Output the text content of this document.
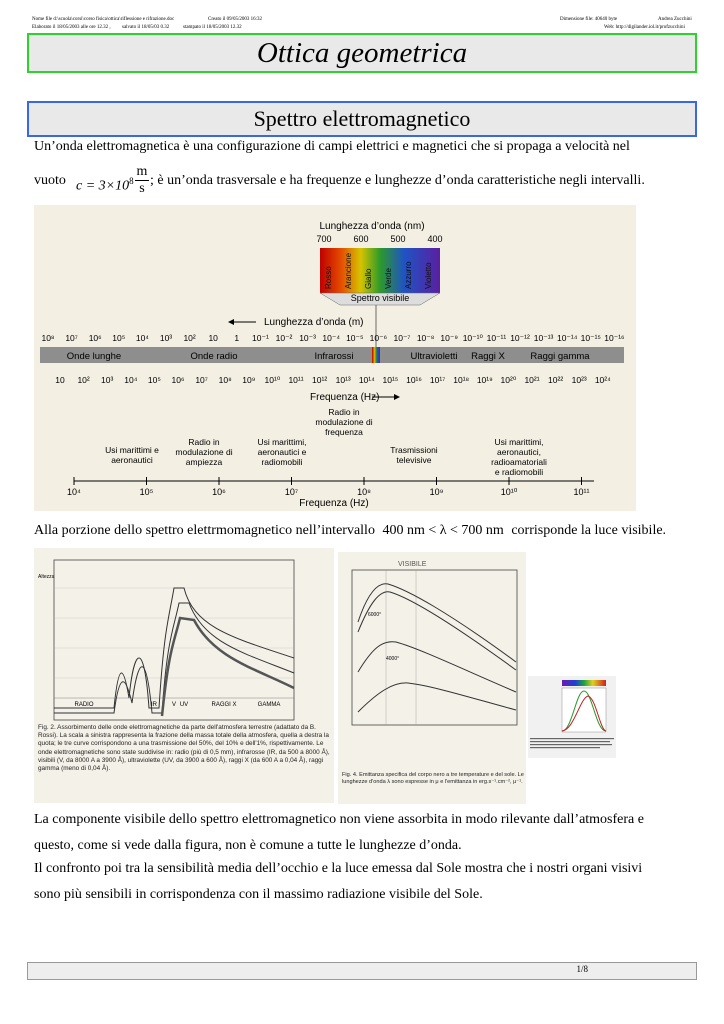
Nome file d:\scuola\corsi\corso fisica\ottica\riflessione e rifrazione.doc	Creato il 09/05/2003 16:32	Dimensione file: 40640 byte	Andrea Zucchini
Elaborato il 18/05/2003 alle ore 12.32 , salvato il 18/05/03 0.32	stampato il 18/05/2003 12.32	Web: http://digilander.iol.it/profzucchini
Ottica geometrica
Spettro elettromagnetico
Un’onda elettromagnetica è una configurazione di campi elettrici e magnetici che si propaga a velocità nel
vuoto $c = 3\times 10^8 \frac{m}{s}$ ; è un’onda trasversale e ha frequenze e lunghezze d’onda caratteristiche negli intervalli.
Lunghezza d’onda (nm)
700 600 500 400
Rosso Arancione Giallo Verde Azzurro Violetto
Spettro visibile
Lunghezza d’onda (m)
10⁸ 10⁷ 10⁶ 10⁵ 10⁴ 10³ 10² 10 1 10⁻¹ 10⁻² 10⁻³ 10⁻⁴ 10⁻⁵ 10⁻⁶ 10⁻⁷ 10⁻⁸ 10⁻⁹ 10⁻¹⁰ 10⁻¹¹ 10⁻¹² 10⁻¹³ 10⁻¹⁴ 10⁻¹⁵ 10⁻¹⁶
Onde lunghe	Onde radio	Infrarossi	Ultravioletti Raggi X	Raggi gamma
10 10² 10³ 10⁴ 10⁵ 10⁶ 10⁷ 10⁸ 10⁹ 10¹⁰ 10¹¹ 10¹² 10¹³ 10¹⁴ 10¹⁵ 10¹⁶ 10¹⁷ 10¹⁸ 10¹⁹ 10²⁰ 10²¹ 10²² 10²³ 10²⁴
Frequenza (Hz)
Usi marittimi e
aeronautici
Radio in
modulazione di
ampiezza
Usi marittimi,
aeronautici e
radiomobili
Radio in
modulazione di
frequenza
Trasmissioni
televisive
Usi marittimi,
aeronautici,
radioamatoriali
e radiomobili
10⁴	10⁵	10⁶	10⁷	10⁸	10⁹	10¹⁰	10¹¹
Frequenza (Hz)
Alla porzione dello spettro elettrmomagnetico nell’intervallo 400 nm < λ < 700 nm corrisponde la luce visibile.
Altezza
RADIO	IR V UV	RAGGI X	GAMMA
Fig. 2. Assorbimento delle onde elettromagnetiche da parte dell'atmosfera terrestre (adattato da B. Rossi). La scala a sinistra rappresenta la frazione della massa totale della atmosfera, quella a destra la quota; le tre curve corrispondono a una trasmissione del 50%, del 10% e dell'1%, rispettivamente. Le onde elettromagnetiche sono state suddivise in: radio (più di 0,5 mm), infrarosse (IR, da 500 a 8000 Å), visibili (V, da 8000 A a 3900 Å), ultraviolette (UV, da 3900 a 600 Å), raggi X (da 600 A a 0,04 Å), raggi gamma (meno di 0,04 Å).
VISIBILE
6000°
4000°
Fig. 4. Emittanza specifica del corpo nero a tre temperature e del sole. Le lunghezze d'onda λ sono espresse in μ e l'emittanza in erg.s⁻¹.cm⁻², μ⁻¹.
La componente visibile dello spettro elettromagnetico non viene assorbita in modo rilevante dall’atmosfera e
questo, come si vede dalla figura, non è comune a tutte le lunghezze d’onda.
Il confronto poi tra la sensibilità media dell’occhio e la luce emessa dal Sole mostra che i nostri organi visivi
sono più sensibili in corrispondenza con il massimo radiazione visibile del Sole.
1/8
